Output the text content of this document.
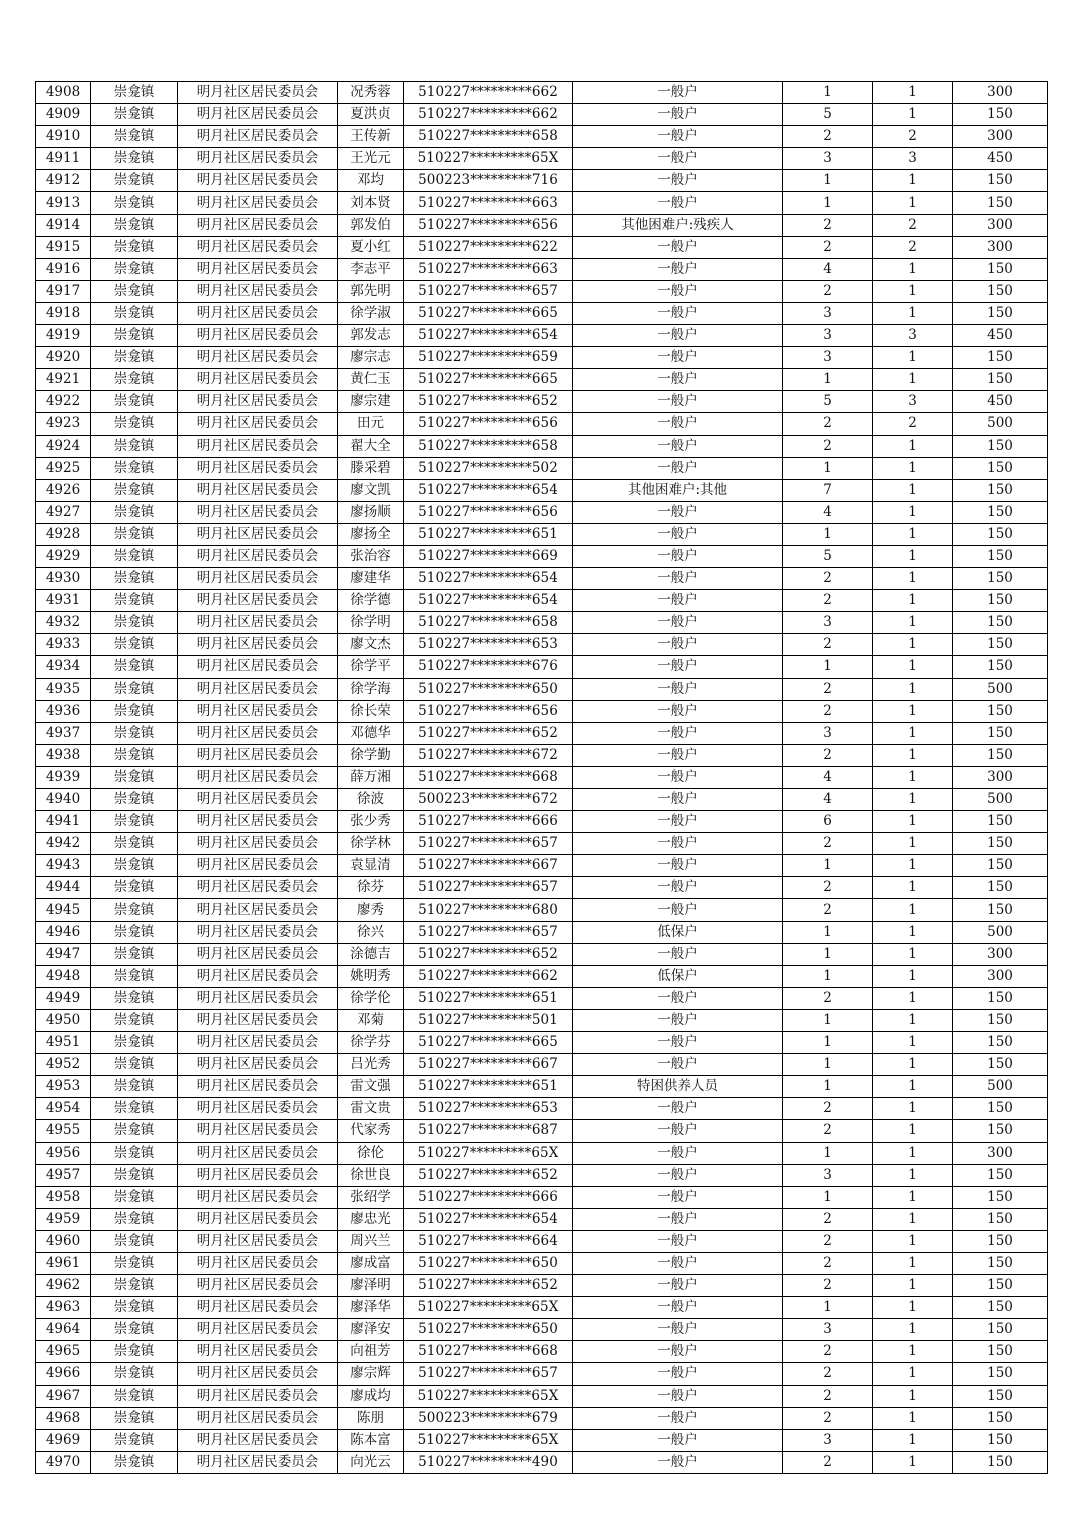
4908	崇龛镇	明月社区居民委员会	况秀蓉	510227*********662	一般户	1	1	300
4909	崇龛镇	明月社区居民委员会	夏洪贞	510227*********662	一般户	5	1	150
4910	崇龛镇	明月社区居民委员会	王传新	510227*********658	一般户	2	2	300
4911	崇龛镇	明月社区居民委员会	王光元	510227*********65X	一般户	3	3	450
4912	崇龛镇	明月社区居民委员会	邓均	500223*********716	一般户	1	1	150
4913	崇龛镇	明月社区居民委员会	刘本贤	510227*********663	一般户	1	1	150
4914	崇龛镇	明月社区居民委员会	郭发伯	510227*********656	其他困难户:残疾人	2	2	300
4915	崇龛镇	明月社区居民委员会	夏小红	510227*********622	一般户	2	2	300
4916	崇龛镇	明月社区居民委员会	李志平	510227*********663	一般户	4	1	150
4917	崇龛镇	明月社区居民委员会	郭先明	510227*********657	一般户	2	1	150
4918	崇龛镇	明月社区居民委员会	徐学淑	510227*********665	一般户	3	1	150
4919	崇龛镇	明月社区居民委员会	郭发志	510227*********654	一般户	3	3	450
4920	崇龛镇	明月社区居民委员会	廖宗志	510227*********659	一般户	3	1	150
4921	崇龛镇	明月社区居民委员会	黄仁玉	510227*********665	一般户	1	1	150
4922	崇龛镇	明月社区居民委员会	廖宗建	510227*********652	一般户	5	3	450
4923	崇龛镇	明月社区居民委员会	田元	510227*********656	一般户	2	2	500
4924	崇龛镇	明月社区居民委员会	翟大全	510227*********658	一般户	2	1	150
4925	崇龛镇	明月社区居民委员会	滕采碧	510227*********502	一般户	1	1	150
4926	崇龛镇	明月社区居民委员会	廖文凯	510227*********654	其他困难户:其他	7	1	150
4927	崇龛镇	明月社区居民委员会	廖扬顺	510227*********656	一般户	4	1	150
4928	崇龛镇	明月社区居民委员会	廖扬全	510227*********651	一般户	1	1	150
4929	崇龛镇	明月社区居民委员会	张治容	510227*********669	一般户	5	1	150
4930	崇龛镇	明月社区居民委员会	廖建华	510227*********654	一般户	2	1	150
4931	崇龛镇	明月社区居民委员会	徐学德	510227*********654	一般户	2	1	150
4932	崇龛镇	明月社区居民委员会	徐学明	510227*********658	一般户	3	1	150
4933	崇龛镇	明月社区居民委员会	廖文杰	510227*********653	一般户	2	1	150
4934	崇龛镇	明月社区居民委员会	徐学平	510227*********676	一般户	1	1	150
4935	崇龛镇	明月社区居民委员会	徐学海	510227*********650	一般户	2	1	500
4936	崇龛镇	明月社区居民委员会	徐长荣	510227*********656	一般户	2	1	150
4937	崇龛镇	明月社区居民委员会	邓德华	510227*********652	一般户	3	1	150
4938	崇龛镇	明月社区居民委员会	徐学勤	510227*********672	一般户	2	1	150
4939	崇龛镇	明月社区居民委员会	薛万湘	510227*********668	一般户	4	1	300
4940	崇龛镇	明月社区居民委员会	徐波	500223*********672	一般户	4	1	500
4941	崇龛镇	明月社区居民委员会	张少秀	510227*********666	一般户	6	1	150
4942	崇龛镇	明月社区居民委员会	徐学林	510227*********657	一般户	2	1	150
4943	崇龛镇	明月社区居民委员会	袁显清	510227*********667	一般户	1	1	150
4944	崇龛镇	明月社区居民委员会	徐芬	510227*********657	一般户	2	1	150
4945	崇龛镇	明月社区居民委员会	廖秀	510227*********680	一般户	2	1	150
4946	崇龛镇	明月社区居民委员会	徐兴	510227*********657	低保户	1	1	500
4947	崇龛镇	明月社区居民委员会	涂德吉	510227*********652	一般户	1	1	300
4948	崇龛镇	明月社区居民委员会	姚明秀	510227*********662	低保户	1	1	300
4949	崇龛镇	明月社区居民委员会	徐学伦	510227*********651	一般户	2	1	150
4950	崇龛镇	明月社区居民委员会	邓菊	510227*********501	一般户	1	1	150
4951	崇龛镇	明月社区居民委员会	徐学芬	510227*********665	一般户	1	1	150
4952	崇龛镇	明月社区居民委员会	吕光秀	510227*********667	一般户	1	1	150
4953	崇龛镇	明月社区居民委员会	雷文强	510227*********651	特困供养人员	1	1	500
4954	崇龛镇	明月社区居民委员会	雷文贵	510227*********653	一般户	2	1	150
4955	崇龛镇	明月社区居民委员会	代家秀	510227*********687	一般户	2	1	150
4956	崇龛镇	明月社区居民委员会	徐伦	510227*********65X	一般户	1	1	300
4957	崇龛镇	明月社区居民委员会	徐世良	510227*********652	一般户	3	1	150
4958	崇龛镇	明月社区居民委员会	张绍学	510227*********666	一般户	1	1	150
4959	崇龛镇	明月社区居民委员会	廖忠光	510227*********654	一般户	2	1	150
4960	崇龛镇	明月社区居民委员会	周兴兰	510227*********664	一般户	2	1	150
4961	崇龛镇	明月社区居民委员会	廖成富	510227*********650	一般户	2	1	150
4962	崇龛镇	明月社区居民委员会	廖泽明	510227*********652	一般户	2	1	150
4963	崇龛镇	明月社区居民委员会	廖泽华	510227*********65X	一般户	1	1	150
4964	崇龛镇	明月社区居民委员会	廖泽安	510227*********650	一般户	3	1	150
4965	崇龛镇	明月社区居民委员会	向祖芳	510227*********668	一般户	2	1	150
4966	崇龛镇	明月社区居民委员会	廖宗辉	510227*********657	一般户	2	1	150
4967	崇龛镇	明月社区居民委员会	廖成均	510227*********65X	一般户	2	1	150
4968	崇龛镇	明月社区居民委员会	陈朋	500223*********679	一般户	2	1	150
4969	崇龛镇	明月社区居民委员会	陈本富	510227*********65X	一般户	3	1	150
4970	崇龛镇	明月社区居民委员会	向光云	510227*********490	一般户	2	1	150
